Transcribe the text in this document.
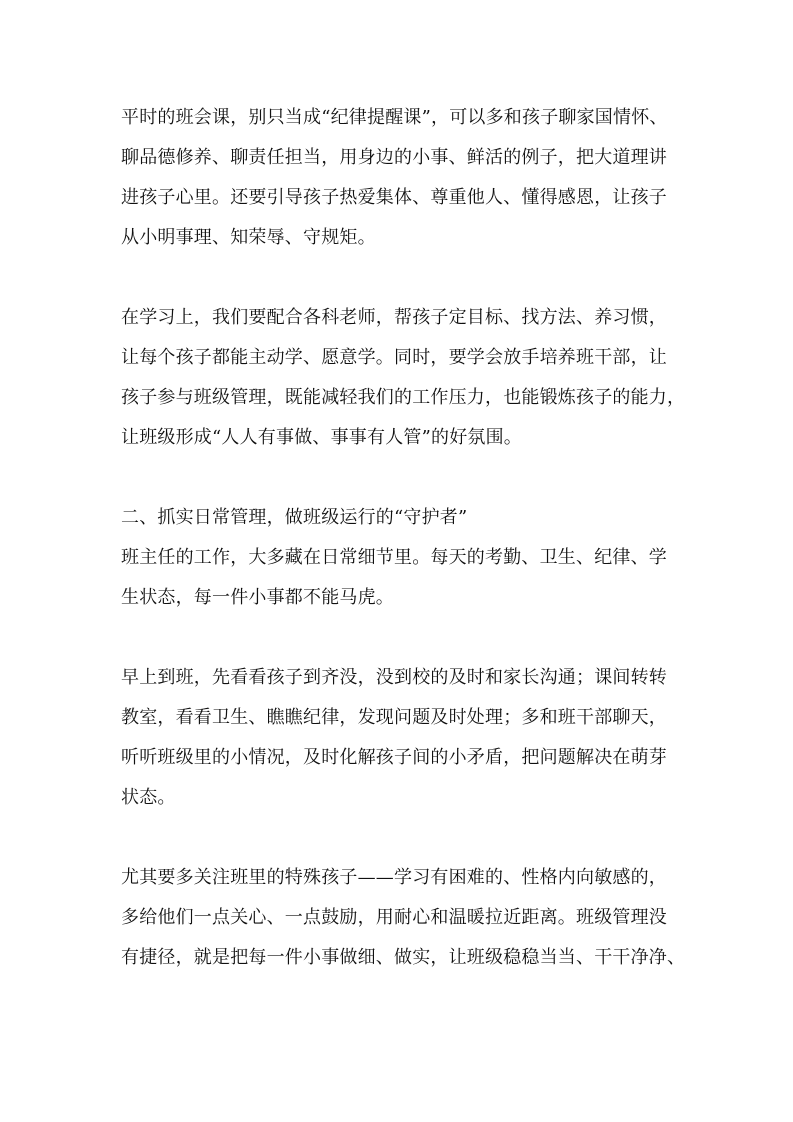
平时的班会课，别只当成“纪律提醒课”，可以多和孩子聊家国情怀、
聊品德修养、聊责任担当，用身边的小事、鲜活的例子，把大道理讲
进孩子心里。还要引导孩子热爱集体、尊重他人、懂得感恩，让孩子
从小明事理、知荣辱、守规矩。

在学习上，我们要配合各科老师，帮孩子定目标、找方法、养习惯，
让每个孩子都能主动学、愿意学。同时，要学会放手培养班干部，让
孩子参与班级管理，既能减轻我们的工作压力，也能锻炼孩子的能力，
让班级形成“人人有事做、事事有人管”的好氛围。

二、抓实日常管理，做班级运行的“守护者”
班主任的工作，大多藏在日常细节里。每天的考勤、卫生、纪律、学
生状态，每一件小事都不能马虎。

早上到班，先看看孩子到齐没，没到校的及时和家长沟通；课间转转
教室，看看卫生、瞧瞧纪律，发现问题及时处理；多和班干部聊天，
听听班级里的小情况，及时化解孩子间的小矛盾，把问题解决在萌芽
状态。

尤其要多关注班里的特殊孩子——学习有困难的、性格内向敏感的，
多给他们一点关心、一点鼓励，用耐心和温暖拉近距离。班级管理没
有捷径，就是把每一件小事做细、做实，让班级稳稳当当、干干净净、
